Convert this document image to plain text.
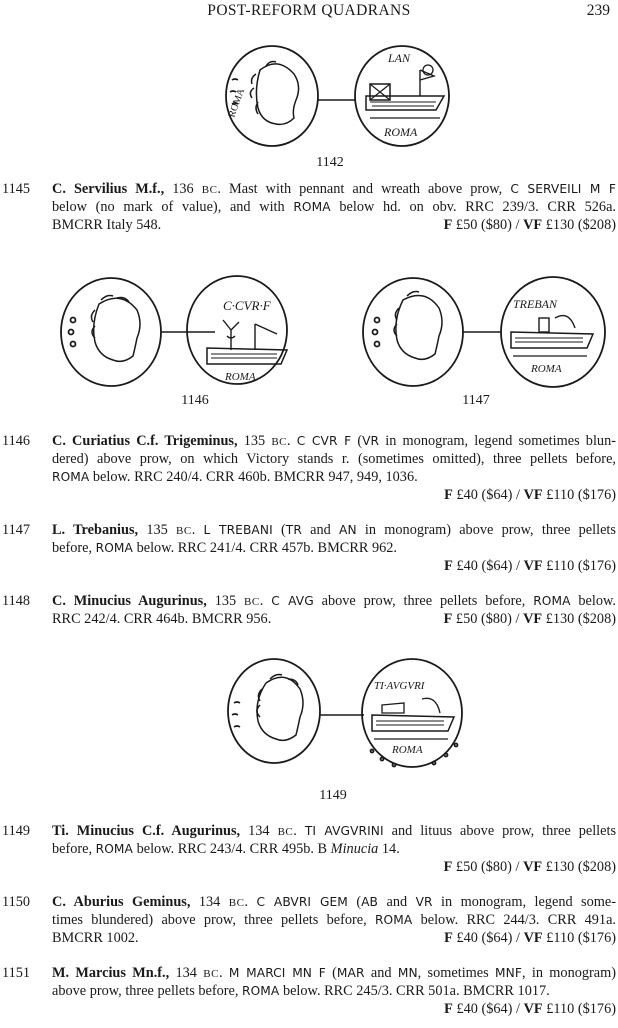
POST-REFORM QUADRANS	239
ROMA
LAN
ROMA
1142
1145 C. Servilius M.f., 136 BC. Mast with pennant and wreath above prow, C SERVEILI M F
below (no mark of value), and with ROMA below hd. on obv. RRC 239/3. CRR 526a.
BMCRR Italy 548.	F £50 ($80) / VF £130 ($208)
C·CVR·F
ROMA
TREBAN
ROMA
1146	1147
1146 C. Curiatius C.f. Trigeminus, 135 BC. C CVR F (VR in monogram, legend sometimes blun-
dered) above prow, on which Victory stands r. (sometimes omitted), three pellets before,
ROMA below. RRC 240/4. CRR 460b. BMCRR 947, 949, 1036.
F £40 ($64) / VF £110 ($176)
1147 L. Trebanius, 135 BC. L TREBANI (TR and AN in monogram) above prow, three pellets
before, ROMA below. RRC 241/4. CRR 457b. BMCRR 962.
F £40 ($64) / VF £110 ($176)
1148 C. Minucius Augurinus, 135 BC. C AVG above prow, three pellets before, ROMA below.
RRC 242/4. CRR 464b. BMCRR 956.	F £50 ($80) / VF £130 ($208)
TI·AVGVRI
ROMA
1149
1149 Ti. Minucius C.f. Augurinus, 134 BC. TI AVGVRINI and lituus above prow, three pellets
before, ROMA below. RRC 243/4. CRR 495b. B Minucia 14.
F £50 ($80) / VF £130 ($208)
1150 C. Aburius Geminus, 134 BC. C ABVRI GEM (AB and VR in monogram, legend some-
times blundered) above prow, three pellets before, ROMA below. RRC 244/3. CRR 491a.
BMCRR 1002.	F £40 ($64) / VF £110 ($176)
1151 M. Marcius Mn.f., 134 BC. M MARCI MN F (MAR and MN, sometimes MNF, in monogram)
above prow, three pellets before, ROMA below. RRC 245/3. CRR 501a. BMCRR 1017.
F £40 ($64) / VF £110 ($176)
